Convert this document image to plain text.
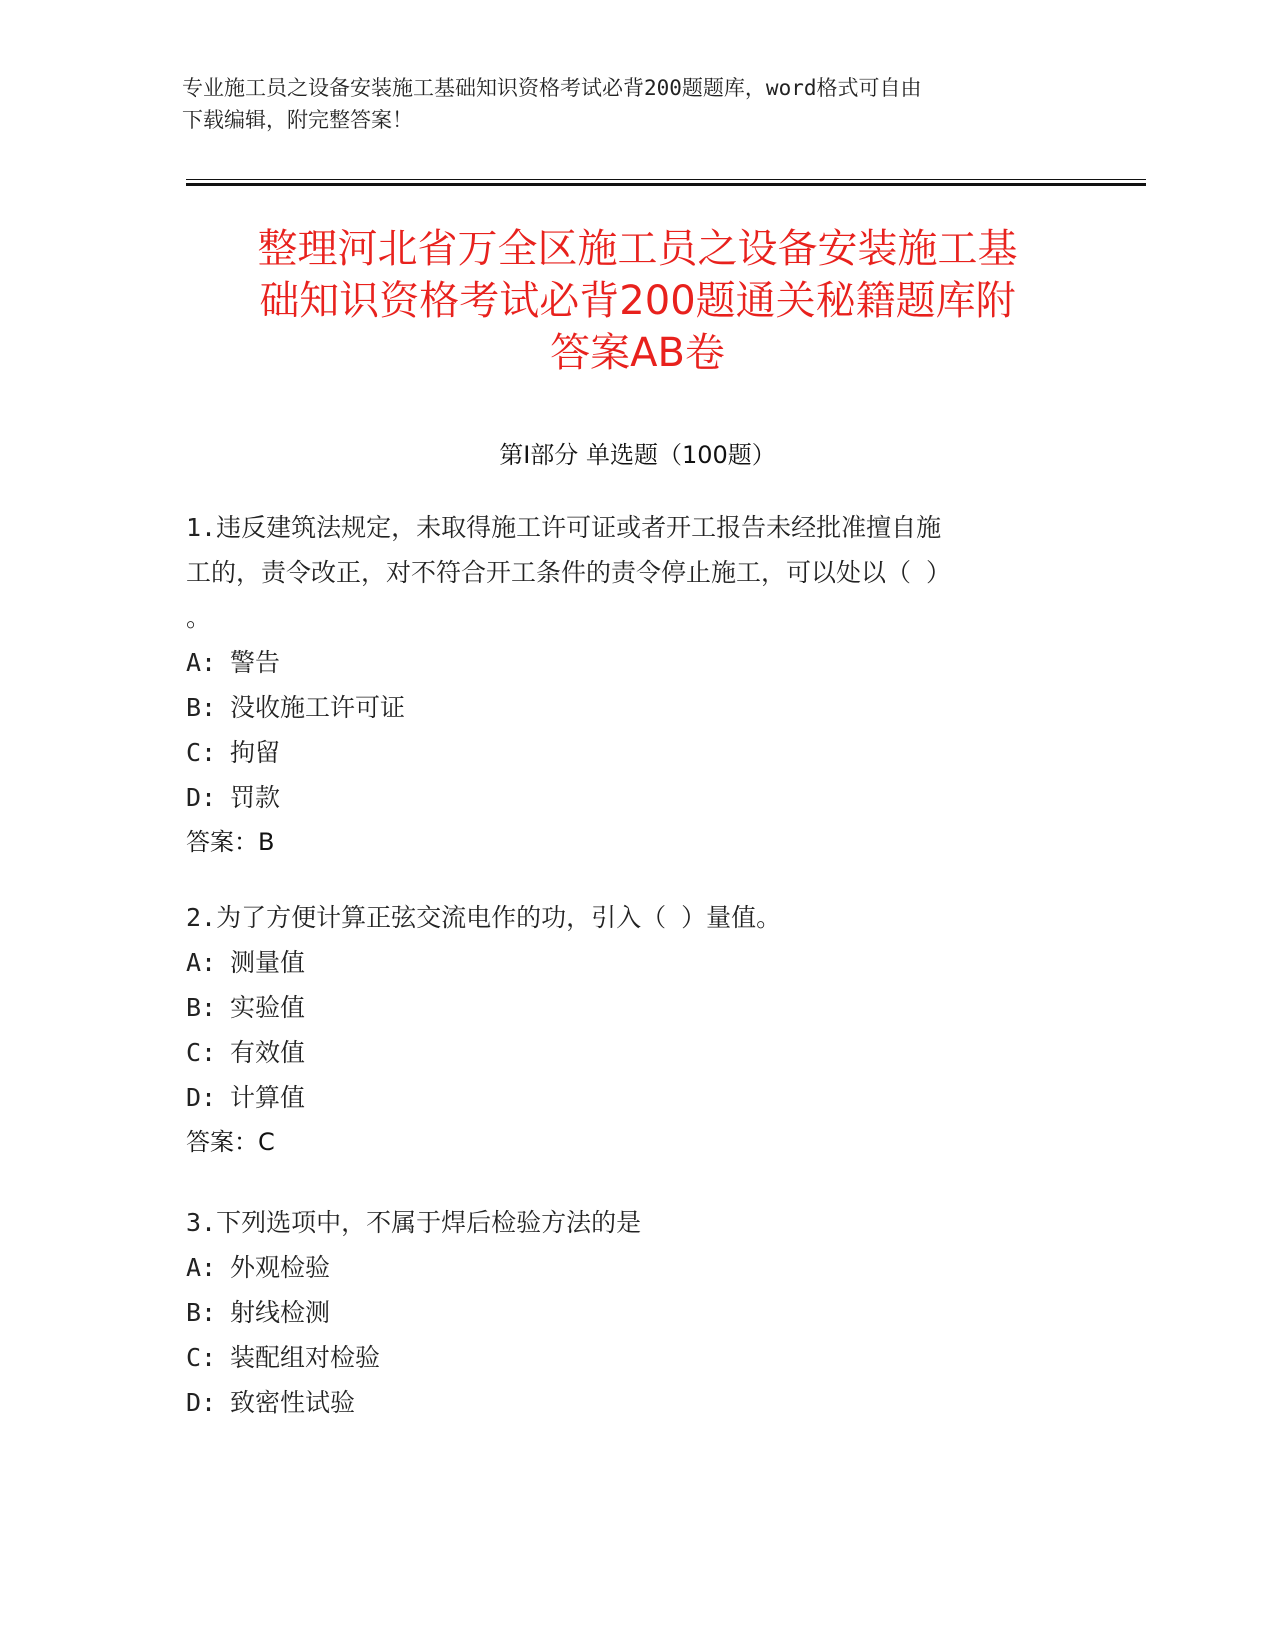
专业施工员之设备安装施工基础知识资格考试必背200题题库，word格式可自由
下载编辑，附完整答案！
整理河北省万全区施工员之设备安装施工基
础知识资格考试必背200题通关秘籍题库附
答案AB卷
第Ⅰ部分 单选题（100题）
1.违反建筑法规定，未取得施工许可证或者开工报告未经批准擅自施
工的，责令改正，对不符合开工条件的责令停止施工，可以处以（ ）
。
A: 警告
B: 没收施工许可证
C: 拘留
D: 罚款
答案：B
2.为了方便计算正弦交流电作的功，引入（ ）量值。
A: 测量值
B: 实验值
C: 有效值
D: 计算值
答案：C
3.下列选项中，不属于焊后检验方法的是
A: 外观检验
B: 射线检测
C: 装配组对检验
D: 致密性试验
